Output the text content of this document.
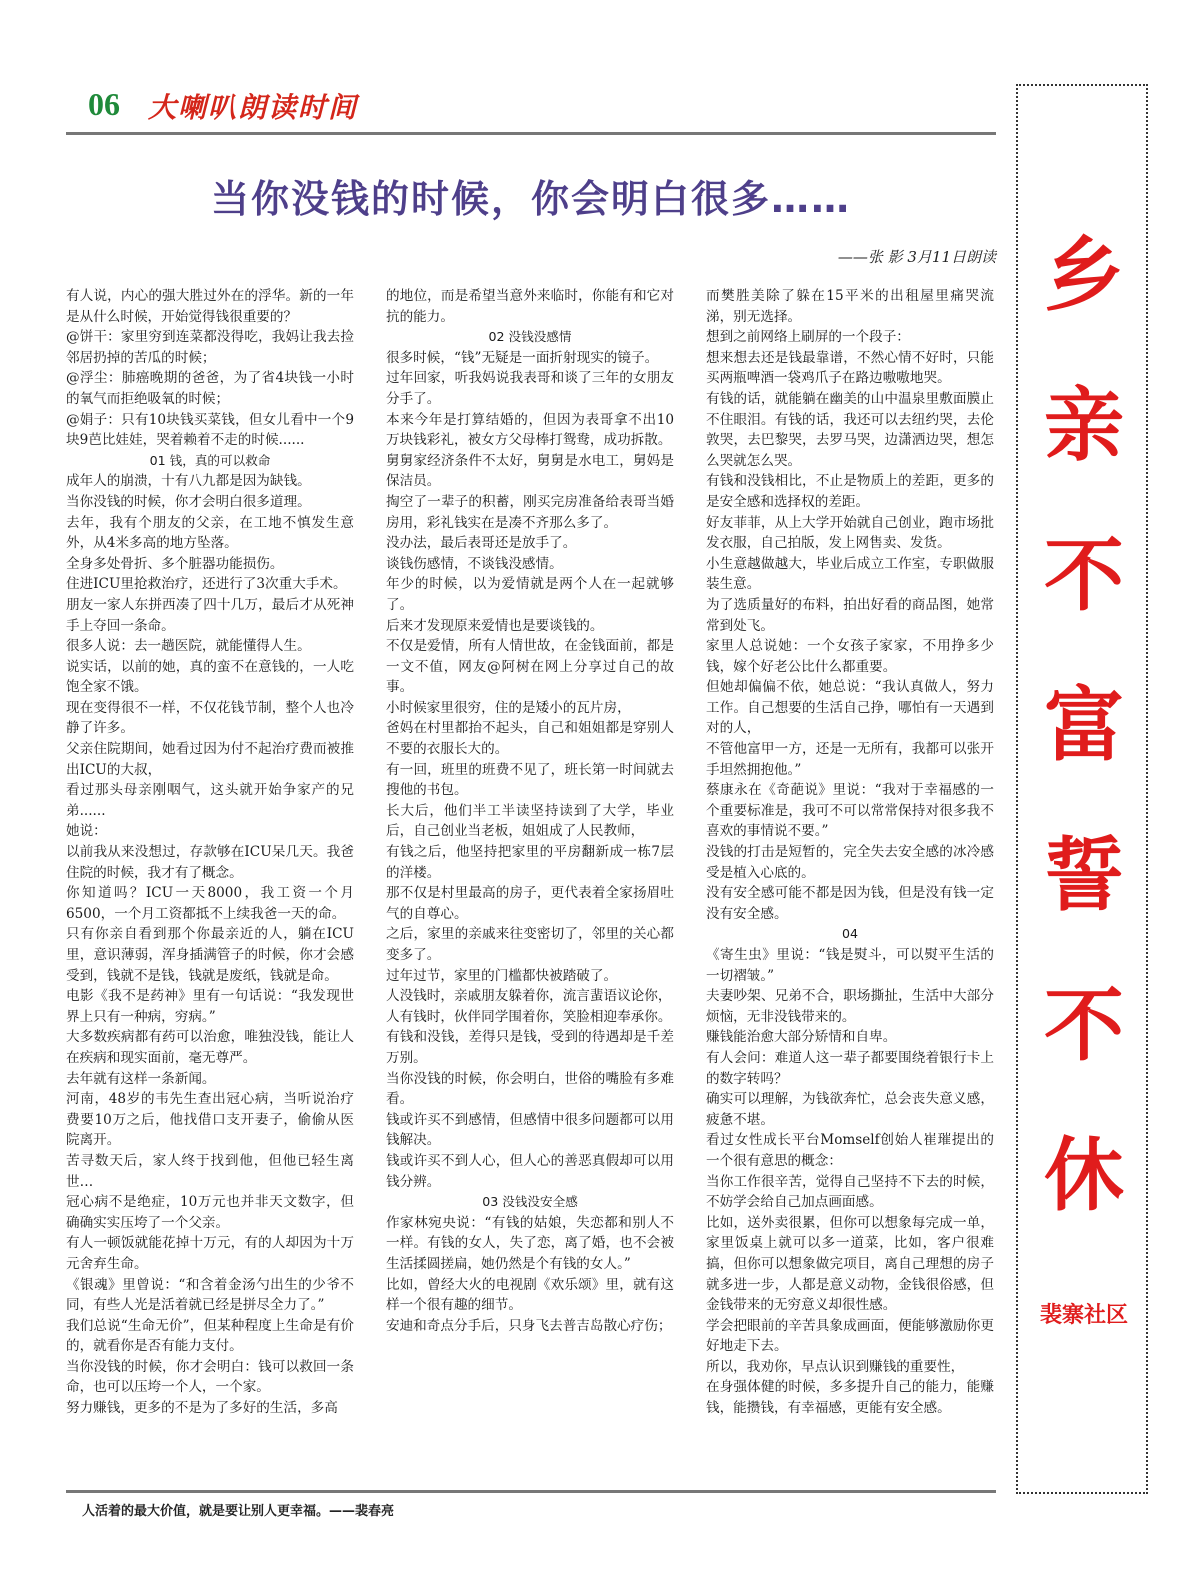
06 大喇叭朗读时间
当你没钱的时候，你会明白很多……
——张 影 3月11日朗读

有人说，内心的强大胜过外在的浮华。新的一年是从什么时候，开始觉得钱很重要的？

@饼干：家里穷到连菜都没得吃，我妈让我去捡邻居扔掉的苦瓜的时候；

@浮尘：肺癌晚期的爸爸，为了省4块钱一小时的氧气而拒绝吸氧的时候；

@娟子：只有10块钱买菜钱，但女儿看中一个9块9芭比娃娃，哭着赖着不走的时候......

01 钱，真的可以救命

成年人的崩溃，十有八九都是因为缺钱。

当你没钱的时候，你才会明白很多道理。

去年，我有个朋友的父亲，在工地不慎发生意外，从4米多高的地方坠落。

全身多处骨折、多个脏器功能损伤。

住进ICU里抢救治疗，还进行了3次重大手术。

朋友一家人东拼西凑了四十几万，最后才从死神手上夺回一条命。

很多人说：去一趟医院，就能懂得人生。

说实话，以前的她，真的蛮不在意钱的，一人吃饱全家不饿。

现在变得很不一样，不仅花钱节制，整个人也冷静了许多。

父亲住院期间，她看过因为付不起治疗费而被推出ICU的大叔，

看过那头母亲刚咽气，这头就开始争家产的兄弟......

她说：

以前我从来没想过，存款够在ICU呆几天。我爸住院的时候，我才有了概念。

你知道吗？ICU一天8000，我工资一个月6500，一个月工资都抵不上续我爸一天的命。

只有你亲自看到那个你最亲近的人，躺在ICU里，意识薄弱，浑身插满管子的时候，你才会感受到，钱就不是钱，钱就是废纸，钱就是命。

电影《我不是药神》里有一句话说：“我发现世界上只有一种病，穷病。”

大多数疾病都有药可以治愈，唯独没钱，能让人在疾病和现实面前，毫无尊严。

去年就有这样一条新闻。

河南，48岁的韦先生查出冠心病，当听说治疗费要10万之后，他找借口支开妻子，偷偷从医院离开。

苦寻数天后，家人终于找到他，但他已轻生离世…

冠心病不是绝症，10万元也并非天文数字，但确确实实压垮了一个父亲。

有人一顿饭就能花掉十万元，有的人却因为十万元舍弃生命。

《银魂》里曾说：“和含着金汤勺出生的少爷不同，有些人光是活着就已经是拼尽全力了。”

我们总说“生命无价”，但某种程度上生命是有价的，就看你是否有能力支付。

当你没钱的时候，你才会明白：钱可以救回一条命，也可以压垮一个人，一个家。

努力赚钱，更多的不是为了多好的生活，多高

的地位，而是希望当意外来临时，你能有和它对抗的能力。

02 没钱没感情

很多时候，“钱”无疑是一面折射现实的镜子。

过年回家，听我妈说我表哥和谈了三年的女朋友分手了。

本来今年是打算结婚的，但因为表哥拿不出10万块钱彩礼，被女方父母棒打鸳鸯，成功拆散。

舅舅家经济条件不太好，舅舅是水电工，舅妈是保洁员。

掏空了一辈子的积蓄，刚买完房准备给表哥当婚房用，彩礼钱实在是凑不齐那么多了。

没办法，最后表哥还是放手了。

谈钱伤感情，不谈钱没感情。

年少的时候，以为爱情就是两个人在一起就够了。

后来才发现原来爱情也是要谈钱的。

不仅是爱情，所有人情世故，在金钱面前，都是一文不值，网友@阿树在网上分享过自己的故事。

小时候家里很穷，住的是矮小的瓦片房，

爸妈在村里都抬不起头，自己和姐姐都是穿别人不要的衣服长大的。

有一回，班里的班费不见了，班长第一时间就去搜他的书包。

长大后，他们半工半读坚持读到了大学，毕业后，自己创业当老板，姐姐成了人民教师，

有钱之后，他坚持把家里的平房翻新成一栋7层的洋楼。

那不仅是村里最高的房子，更代表着全家扬眉吐气的自尊心。

之后，家里的亲戚来往变密切了，邻里的关心都变多了。

过年过节，家里的门槛都快被踏破了。

人没钱时，亲戚朋友躲着你，流言蜚语议论你，

人有钱时，伙伴同学围着你，笑脸相迎奉承你。

有钱和没钱，差得只是钱，受到的待遇却是千差万别。

当你没钱的时候，你会明白，世俗的嘴脸有多难看。

钱或许买不到感情，但感情中很多问题都可以用钱解决。

钱或许买不到人心，但人心的善恶真假却可以用钱分辨。

03 没钱没安全感

作家林宛央说：“有钱的姑娘，失恋都和别人不一样。有钱的女人，失了恋，离了婚，也不会被生活揉圆搓扁，她仍然是个有钱的女人。”

比如，曾经大火的电视剧《欢乐颂》里，就有这样一个很有趣的细节。

安迪和奇点分手后，只身飞去普吉岛散心疗伤；

而樊胜美除了躲在15平米的出租屋里痛哭流涕，别无选择。

想到之前网络上刷屏的一个段子：

想来想去还是钱最靠谱，不然心情不好时，只能买两瓶啤酒一袋鸡爪子在路边嗷嗷地哭。

有钱的话，就能躺在幽美的山中温泉里敷面膜止不住眼泪。有钱的话，我还可以去纽约哭，去伦敦哭，去巴黎哭，去罗马哭，边潇洒边哭，想怎么哭就怎么哭。

有钱和没钱相比，不止是物质上的差距，更多的是安全感和选择权的差距。

好友菲菲，从上大学开始就自己创业，跑市场批发衣服，自己拍版，发上网售卖、发货。

小生意越做越大，毕业后成立工作室，专职做服装生意。

为了选质量好的布料，拍出好看的商品图，她常常到处飞。

家里人总说她：一个女孩子家家，不用挣多少钱，嫁个好老公比什么都重要。

但她却偏偏不依，她总说：“我认真做人，努力工作。自己想要的生活自己挣，哪怕有一天遇到对的人，

不管他富甲一方，还是一无所有，我都可以张开手坦然拥抱他。”

蔡康永在《奇葩说》里说：“我对于幸福感的一个重要标准是，我可不可以常常保持对很多我不喜欢的事情说不要。”

没钱的打击是短暂的，完全失去安全感的冰冷感受是植入心底的。

没有安全感可能不都是因为钱，但是没有钱一定没有安全感。

04

《寄生虫》里说：“钱是熨斗，可以熨平生活的一切褶皱。”

夫妻吵架、兄弟不合，职场撕扯，生活中大部分烦恼，无非没钱带来的。

赚钱能治愈大部分矫情和自卑。

有人会问：难道人这一辈子都要围绕着银行卡上的数字转吗？

确实可以理解，为钱欲奔忙，总会丧失意义感，疲惫不堪。

看过女性成长平台Momself创始人崔璀提出的一个很有意思的概念：

当你工作很辛苦，觉得自己坚持不下去的时候，不妨学会给自己加点画面感。

比如，送外卖很累，但你可以想象每完成一单，家里饭桌上就可以多一道菜，比如，客户很难搞，但你可以想象做完项目，离自己理想的房子就多进一步，人都是意义动物，金钱很俗感，但金钱带来的无穷意义却很性感。

学会把眼前的辛苦具象成画面，便能够激励你更好地走下去。

所以，我劝你，早点认识到赚钱的重要性，

在身强体健的时候，多多提升自己的能力，能赚钱，能攒钱，有幸福感，更能有安全感。

乡
亲
不
富
誓
不
休
裴寨社区
人活着的最大价值，就是要让别人更幸福。——裴春亮
